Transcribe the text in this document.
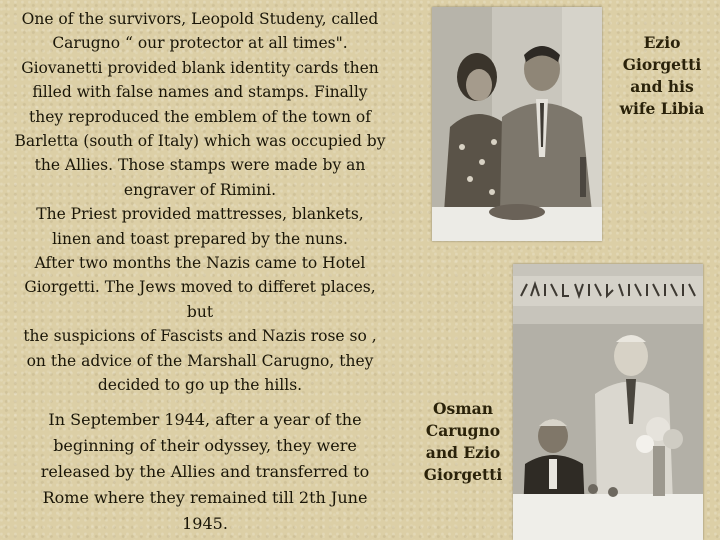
One of the survivors, Leopold Studeny, called
Carugno “ our protector at all times".
Giovanetti provided blank identity cards then
filled with false names and stamps. Finally
they reproduced the emblem of the town of
Barletta (south of Italy) which was occupied by
the Allies. Those stamps were made by an
engraver of Rimini.
The Priest provided mattresses, blankets,
linen and toast prepared by the nuns.
After two months the Nazis came to Hotel
Giorgetti. The Jews moved to differet places,
but
the suspicions of Fascists and Nazis rose so ,
on the advice of the Marshall Carugno, they
decided to go up the hills.

In September 1944, after a year of the
beginning of their odyssey, they were
released by the Allies and transferred to
Rome where they remained till 2th June
1945.

Ezio
Giorgetti
and his
wife Libia

Osman
Carugno
and Ezio
Giorgetti
